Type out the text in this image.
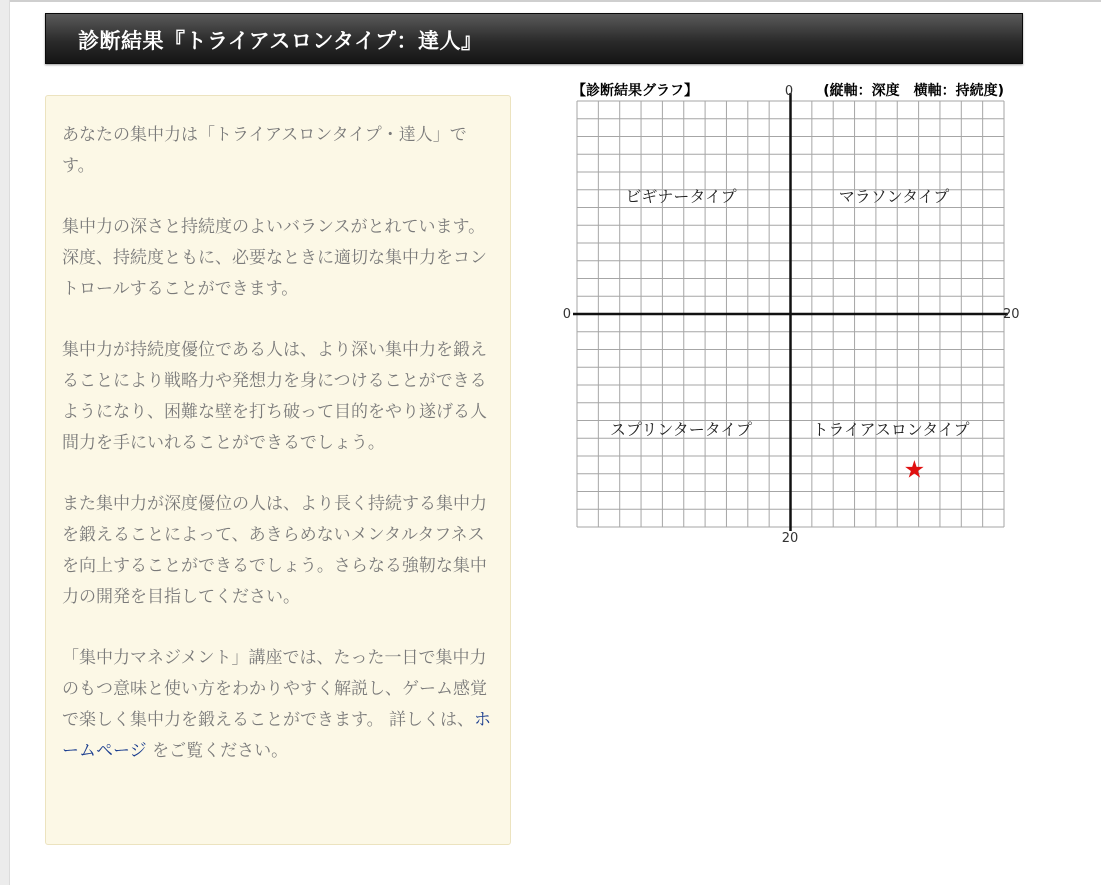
診断結果『トライアスロンタイプ：達人』

あなたの集中力は「トライアスロンタイプ・達人」です。

集中力の深さと持続度のよいバランスがとれています。深度、持続度ともに、必要なときに適切な集中力をコントロールすることができます。

集中力が持続度優位である人は、より深い集中力を鍛えることにより戦略力や発想力を身につけることができるようになり、困難な壁を打ち破って目的をやり遂げる人間力を手にいれることができるでしょう。

また集中力が深度優位の人は、より長く持続する集中力を鍛えることによって、あきらめないメンタルタフネスを向上することができるでしょう。さらなる強靭な集中力の開発を目指してください。

「集中力マネジメント」講座では、たった一日で集中力のもつ意味と使い方をわかりやすく解説し、ゲーム感覚で楽しく集中力を鍛えることができます。 詳しくは、ホームページ をご覧ください。

【診断結果グラフ】	(縦軸：深度　横軸：持続度)
0
0	20
20
ビギナータイプ	マラソンタイプ
スプリンタータイプ	トライアスロンタイプ
★
